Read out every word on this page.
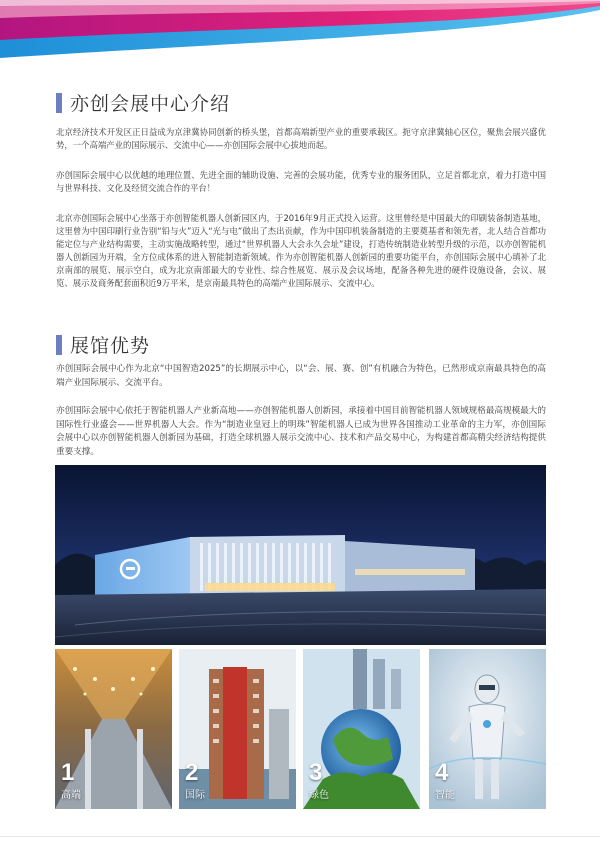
亦创会展中心介绍

北京经济技术开发区正日益成为京津冀协同创新的桥头堡，首都高端新型产业的重要承载区。扼守京津冀轴心区位，聚焦会展兴盛优势，一个高端产业的国际展示、交流中心——亦创国际会展中心拔地而起。

亦创国际会展中心以优越的地理位置、先进全面的辅助设施、完善的会展功能，优秀专业的服务团队，立足首都北京，着力打造中国与世界科技、文化及经贸交流合作的平台！

北京亦创国际会展中心坐落于亦创智能机器人创新园区内，于2016年9月正式投入运营。这里曾经是中国最大的印刷装备制造基地，这里曾为中国印刷行业告别“铅与火”迈入“光与电”做出了杰出贡献，作为中国印机装备制造的主要奠基者和领先者，北人结合首都功能定位与产业结构需要，主动实施战略转型，通过“世界机器人大会永久会址”建设，打造传统制造业转型升级的示范，以亦创智能机器人创新园为开端，全方位成体系的进入智能制造新领域。作为亦创智能机器人创新园的重要功能平台，亦创国际会展中心填补了北京南部的展览、展示空白，成为北京南部最大的专业性、综合性展览、展示及会议场地，配备各种先进的硬件设施设备，会议、展览、展示及商务配套面积近9万平米，是京南最具特色的高端产业国际展示、交流中心。

展馆优势

亦创国际会展中心作为北京“中国智造2025”的长期展示中心，以“会、展、赛、创”有机融合为特色，已然形成京南最具特色的高端产业国际展示、交流平台。

亦创国际会展中心依托于智能机器人产业新高地——亦创智能机器人创新园，承接着中国目前智能机器人领域规格最高规模最大的国际性行业盛会——世界机器人大会。作为“制造业皇冠上的明珠”智能机器人已成为世界各国推动工业革命的主力军，亦创国际会展中心以亦创智能机器人创新园为基础，打造全球机器人展示交流中心、技术和产品交易中心，为构建首都高精尖经济结构提供重要支撑。

1
高端
2
国际
3
绿色
4
智能
